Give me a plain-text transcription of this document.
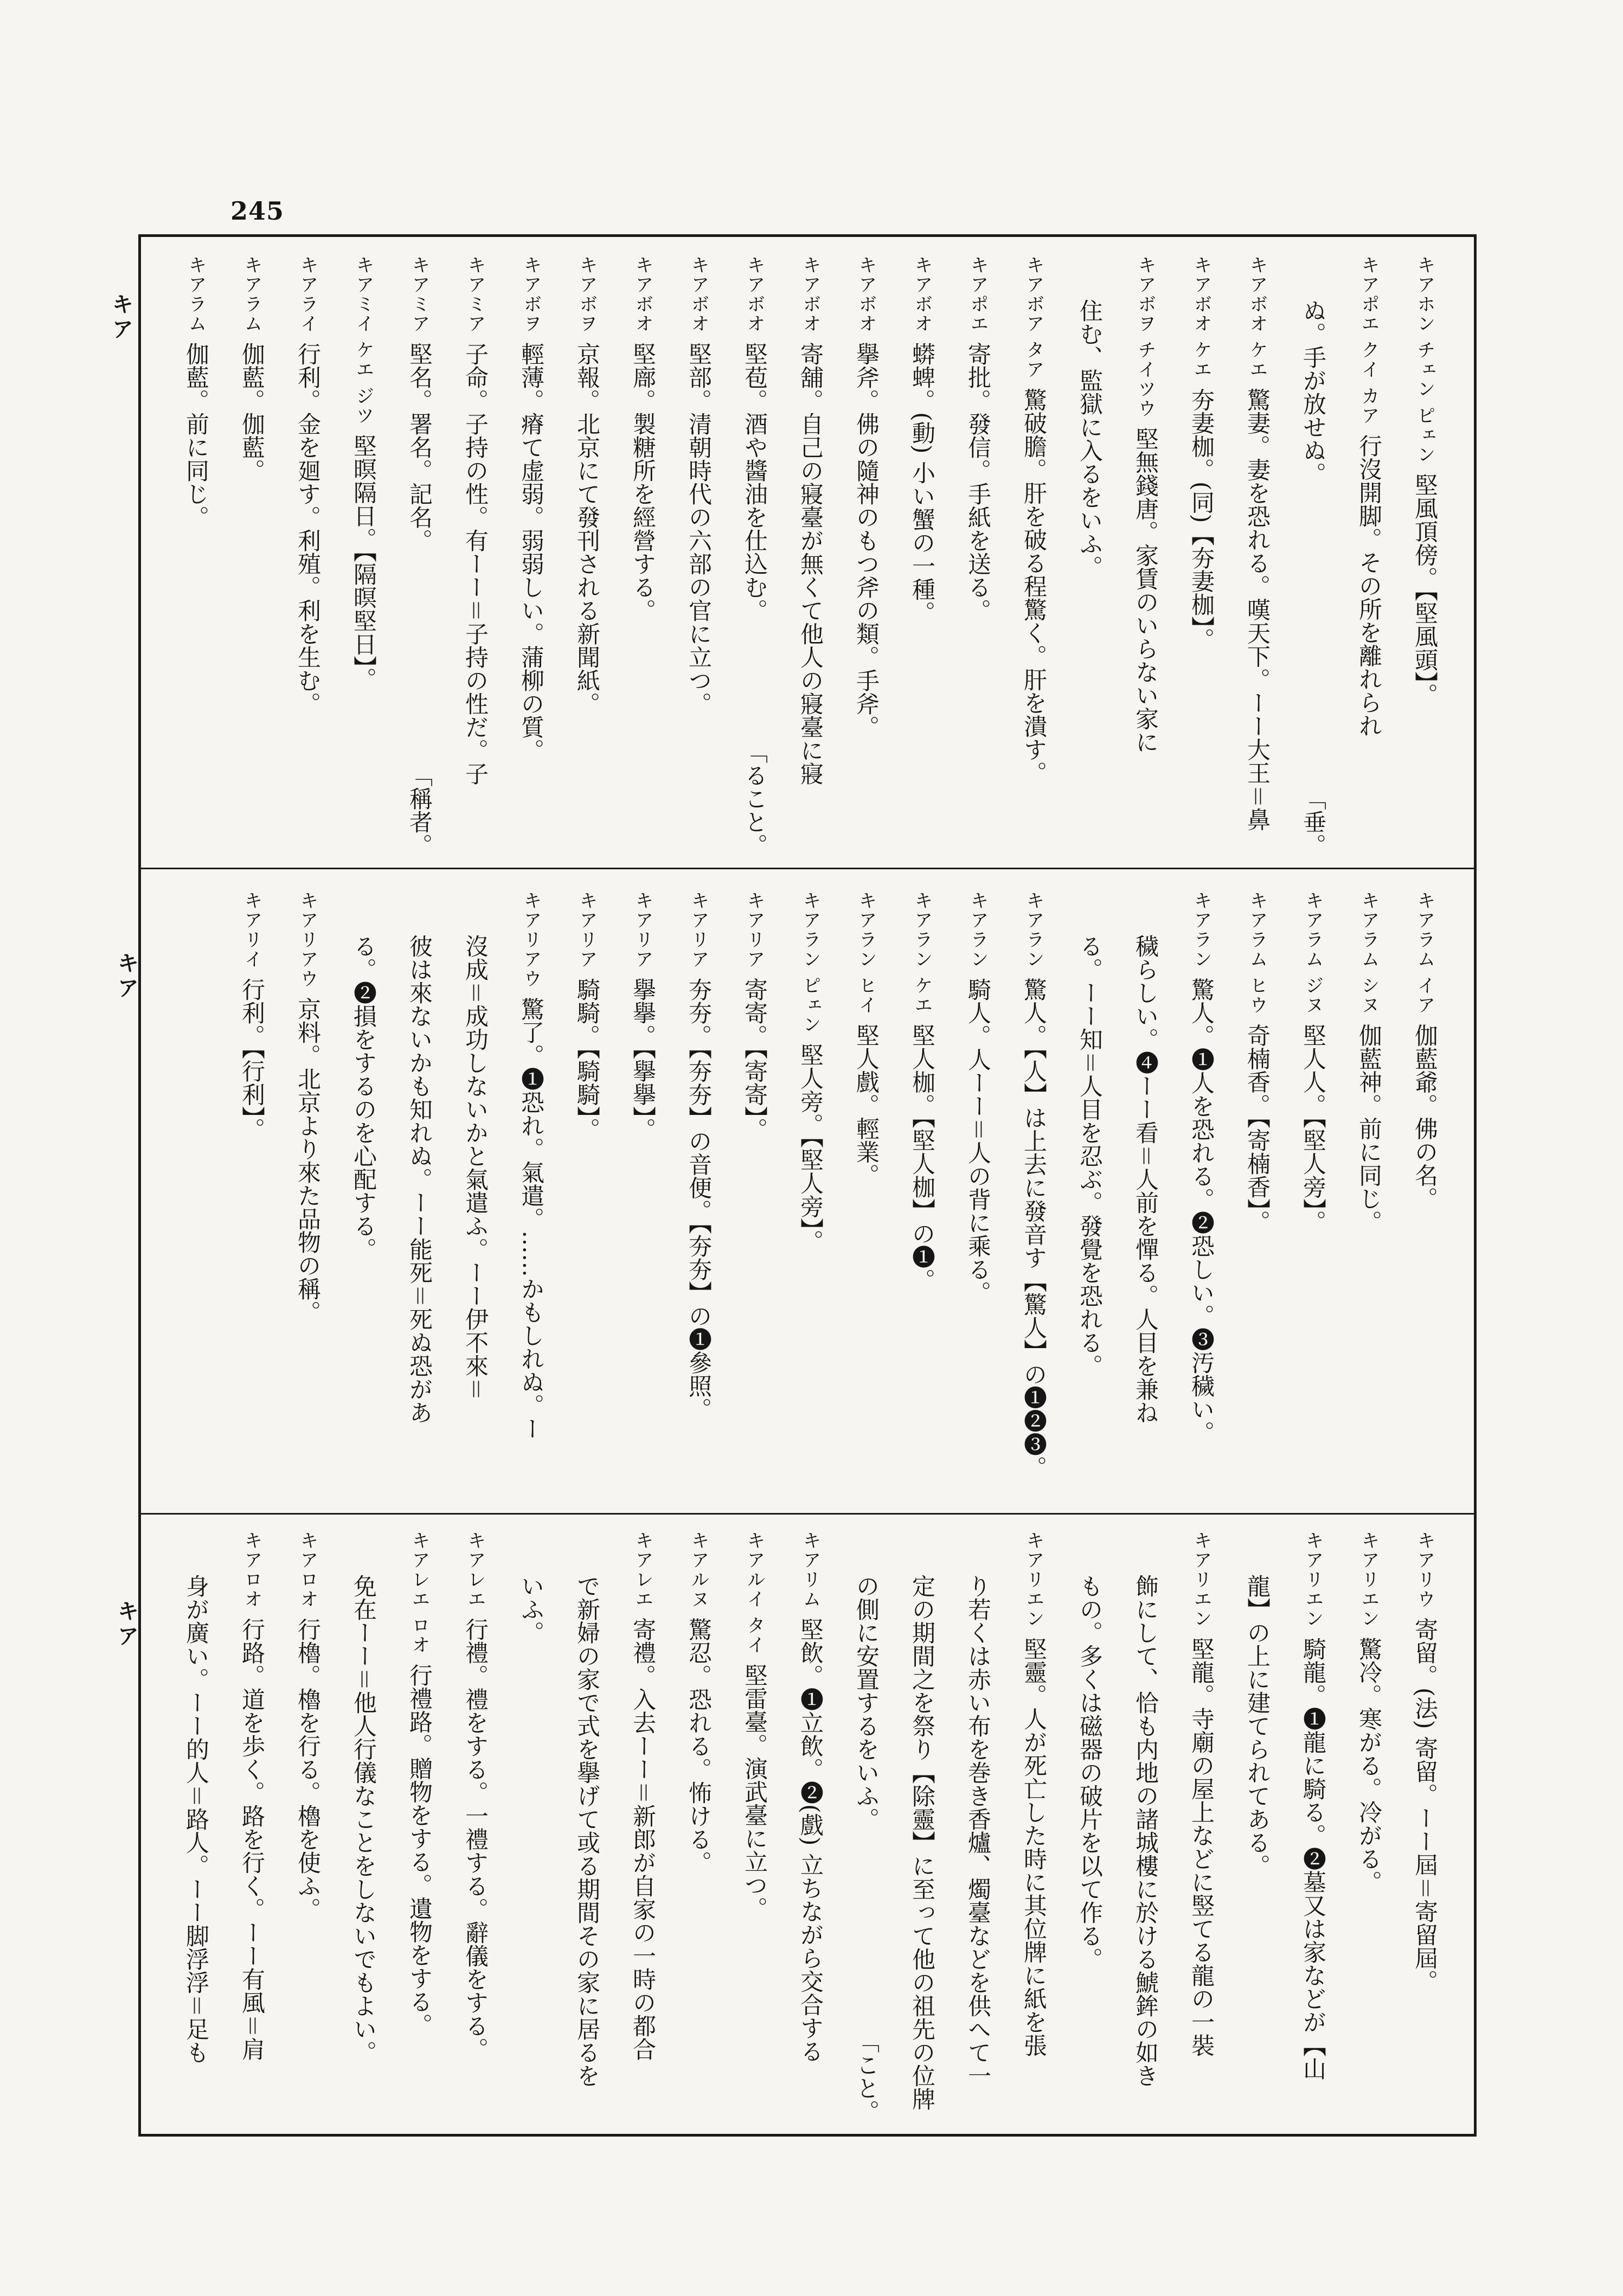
245
キア
キア
キア
キアホン チェン ピェン堅風頂傍。【堅風頭】。
キアポエ クイ カア行沒開脚。その所を離れられ
ぬ。手が放せぬ。
「垂。
キアボオ ケエ驚妻。妻を恐れる。嘆天下。ーー大王＝鼻
キアボオ ケエ夯妻枷。(同)【夯妻枷】。
キアボヲ チイツウ堅無錢唐。家賃のいらない家に
住む、監獄に入るをいふ。
キアボア タア驚破膽。肝を破る程驚く。肝を潰す。
キアポエ寄批。發信。手紙を送る。
キアボオ蟒蜱。(動) 小い蟹の一種。
キアボオ擧斧。佛の隨神のもつ斧の類。手斧。
キアボオ寄舖。自己の寢臺が無くて他人の寢臺に寢
キアボオ堅苞。酒や醬油を仕込む。
「ること。
キアボオ堅部。清朝時代の六部の官に立つ。
キアボオ堅廍。製糖所を經營する。
キアボヲ京報。北京にて發刊される新聞紙。
キアボヲ輕薄。瘠て虚弱。弱弱しい。蒲柳の質。
キアミア子命。子持の性。有ーー＝子持の性だ。子
キアミア堅名。署名。記名。
「稱者。
キアミイ ケエ ジツ堅暝隔日。【隔暝堅日】。
キアライ行利。金を廻す。利殖。利を生む。
キアラム伽藍。伽藍。
キアラム伽藍。前に同じ。
キアラム イア伽藍爺。佛の名。
キアラム シヌ伽藍神。前に同じ。
キアラム ジヌ堅人人。【堅人旁】。
キアラム ヒウ奇楠香。【寄楠香】。
キアラン驚人。❶人を恐れる。❷恐しい。❸汚穢い。
穢らしい。❹ーー看＝人前を憚る。人目を兼ね
る。ーー知＝人目を忍ぶ。發覺を恐れる。
キアラン驚人。【人】は上去に發音す【驚人】の❶❷❸。
キアラン騎人。人ーー＝人の背に乘る。
キアラン ケエ堅人枷。【堅人枷】の❶。
キアラン ヒイ堅人戲。輕業。
キアラン ピェン堅人旁。【堅人旁】。
キアリア寄寄。【寄寄】。
キアリア夯夯。【夯夯】の音便。【夯夯】の❶參照。
キアリア擧擧。【擧擧】。
キアリア騎騎。【騎騎】。
キアリアウ驚了。❶恐れ。氣遣。……かもしれぬ。ー
沒成＝成功しないかと氣遣ふ。ーー伊不來＝
彼は來ないかも知れぬ。ーー能死＝死ぬ恐があ
る。❷損をするのを心配する。
キアリアウ京料。北京より來た品物の稱。
キアリイ行利。【行利】。
キアリウ寄留。(法) 寄留。ーー屆＝寄留屆。
キアリエン驚冷。寒がる。冷がる。
キアリエン騎龍。❶龍に騎る。❷墓又は家などが【山
龍】の上に建てられてある。
キアリエン堅龍。寺廟の屋上などに竪てる龍の一裝
飾にして、恰も内地の諸城樓に於ける鯱鉾の如き
もの。多くは磁器の破片を以て作る。
キアリエン堅靈。人が死亡した時に其位牌に紙を張
り若くは赤い布を巻き香爐、燭臺などを供へて一
定の期間之を祭り【除靈】に至って他の祖先の位牌
の側に安置するをいふ。
「こと。
キアリム堅飲。❶立飲。❷(戲) 立ちながら交合する
キアルイ タイ堅雷臺。演武臺に立つ。
キアルヌ驚忍。恐れる。怖ける。
キアレエ寄禮。入去ーー＝新郎が自家の一時の都合
で新婦の家で式を擧げて或る期間その家に居るを
いふ。
キアレエ行禮。禮をする。一禮する。辭儀をする。
キアレエ ロオ行禮路。贈物をする。遺物をする。
免在ーー＝他人行儀なことをしないでもよい。
キアロオ行櫓。櫓を行る。櫓を使ふ。
キアロオ行路。道を歩く。路を行く。ーー有風＝肩
身が廣い。ーー的人＝路人。ーー脚浮浮＝足も
